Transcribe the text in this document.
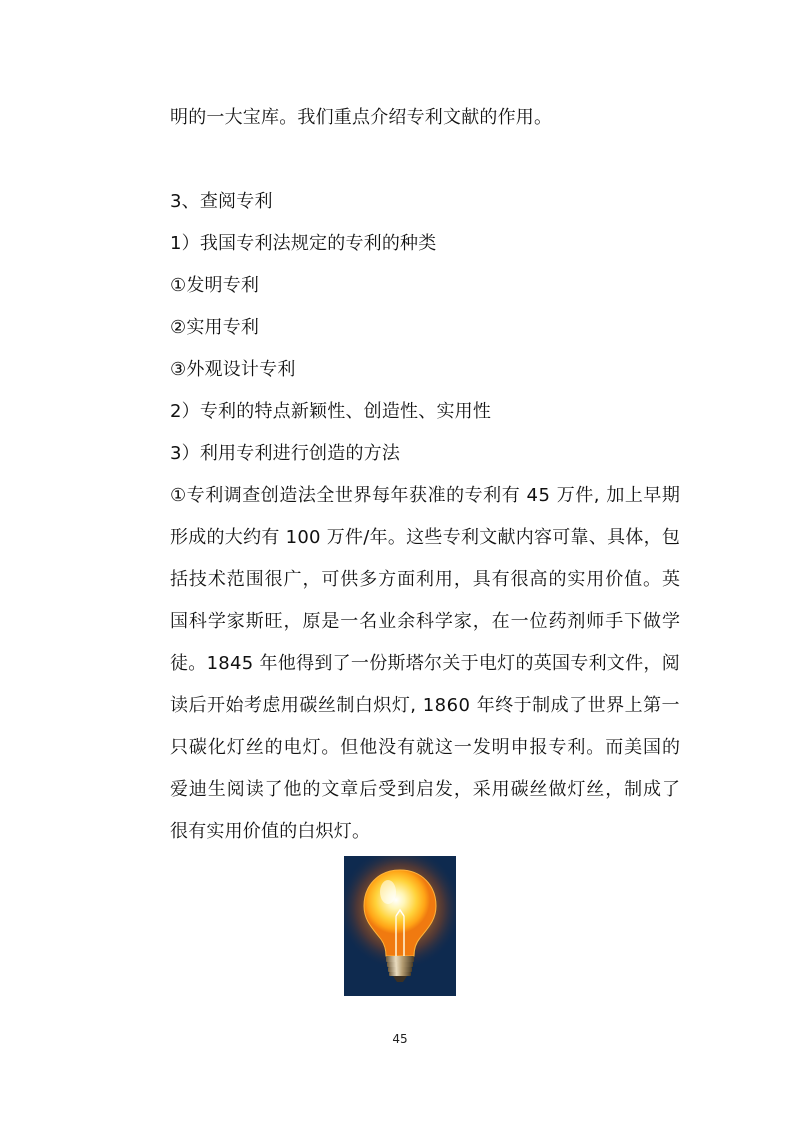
明的一大宝库。我们重点介绍专利文献的作用。
3、查阅专利
1）我国专利法规定的专利的种类
①发明专利
②实用专利
③外观设计专利
2）专利的特点新颖性、创造性、实用性
3）利用专利进行创造的方法
① 专 利 调 查 创 造 法 全 世 界 每 年 获 准 的 专 利 有
4 5
万 件 ,
加 上 早 期
形 成 的 大 约 有
1 0 0
万 件 / 年 。 这 些 专 利 文 献 内 容 可 靠 、 具 体 ， 包
括 技 术 范 围 很 广 ， 可 供 多 方 面 利 用 ， 具 有 很 高 的 实 用 价 值 。 英
国 科 学 家 斯 旺 ， 原 是 一 名 业 余 科 学 家 ， 在 一 位 药 剂 师 手 下 做 学
徒 。 1 8 4 5
年 他 得 到 了 一 份 斯 塔 尔 关 于 电 灯 的 英 国 专 利 文 件 ， 阅
读 后 开 始 考 虑 用 碳 丝 制 白 炽 灯 ,
1 8 6 0
年 终 于 制 成 了 世 界 上 第 一
只 碳 化 灯 丝 的 电 灯 。 但 他 没 有 就 这 一 发 明 申 报 专 利 。 而 美 国 的
爱 迪 生 阅 读 了 他 的 文 章 后 受 到 启 发 ， 采 用 碳 丝 做 灯 丝 ， 制 成 了
很有实用价值的白炽灯。
45
